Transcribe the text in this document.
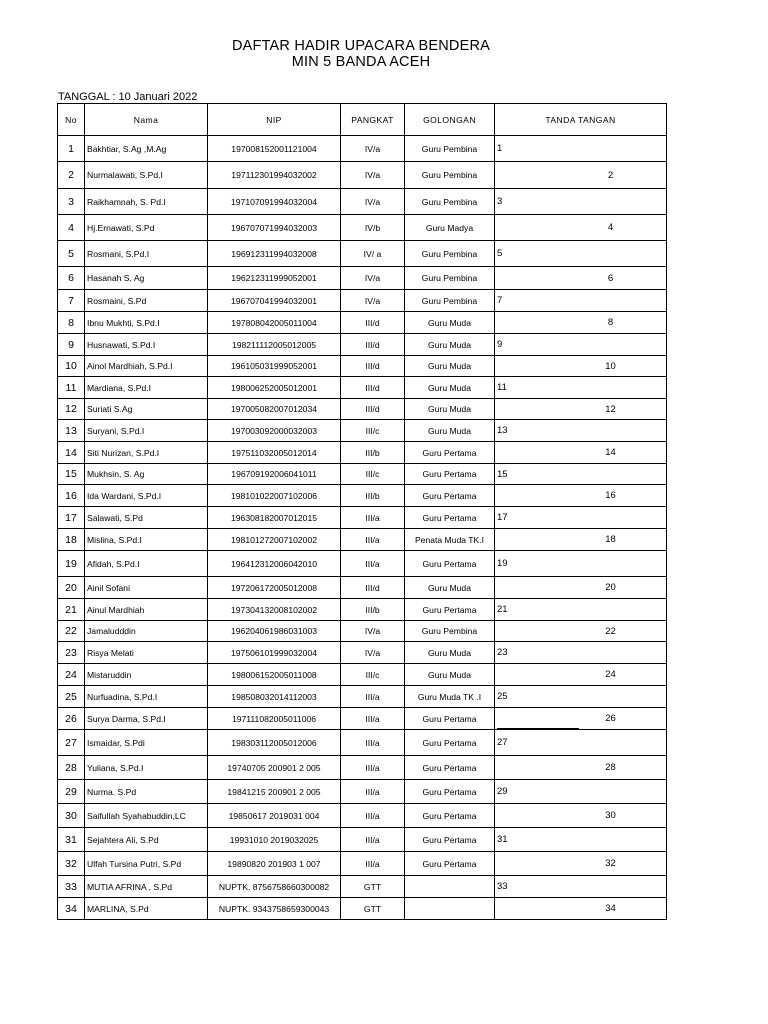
DAFTAR HADIR UPACARA BENDERA
MIN 5 BANDA ACEH
TANGGAL : 10 Januari 2022
No	Nama	NIP	PANGKAT	GOLONGAN	TANDA TANGAN
1	Bakhtiar, S.Ag ,M.Ag	197008152001121004	IV/a	Guru Pembina	1
2	Nurmalawati, S.Pd.I	197112301994032002	IV/a	Guru Pembina	2
3	Raikhamnah, S. Pd.I	197107091994032004	IV/a	Guru Pembina	3
4	Hj.Ernawati, S.Pd	196707071994032003	IV/b	Guru Madya	4
5	Rosmani, S.Pd.I	196912311994032008	IV/ a	Guru Pembina	5
6	Hasanah S, Ag	196212311999052001	IV/a	Guru Pembina	6
7	Rosmaini, S.Pd	196707041994032001	IV/a	Guru Pembina	7
8	Ibnu Mukhti, S.Pd.I	197808042005011004	III/d	Guru Muda	8
9	Husnawati, S.Pd.I	198211112005012005	III/d	Guru Muda	9
10	Ainol Mardhiah, S.Pd.I	196105031999052001	III/d	Guru Muda	10
11	Mardiana, S.Pd.I	198006252005012001	III/d	Guru Muda	11
12	Suriati S.Ag	197005082007012034	III/d	Guru Muda	12
13	Suryani, S.Pd.I	197003092000032003	III/c	Guru Muda	13
14	Siti Nurizan, S.Pd.I	197511032005012014	III/b	Guru Pertama	14
15	Mukhsin, S. Ag	196709192006041011	III/c	Guru Pertama	15
16	Ida Wardani, S.Pd.I	198101022007102006	III/b	Guru Pertama	16
17	Salawati, S.Pd	196308182007012015	III/a	Guru Pertama	17
18	Mislina, S.Pd.I	198101272007102002	III/a	Penata Muda TK.I	18
19	Afidah, S.Pd.I	196412312006042010	III/a	Guru Pertama	19
20	Ainil Sofani	197206172005012008	III/d	Guru Muda	20
21	Ainul Mardhiah	197304132008102002	III/b	Guru Pertama	21
22	Jamaludddin	196204061986031003	IV/a	Guru Pembina	22
23	Risya Melati	197506101999032004	IV/a	Guru Muda	23
24	Mistaruddin	198006152005011008	III/c	Guru Muda	24
25	Nurfuadina, S.Pd.I	198508032014112003	III/a	Guru Muda TK .I	25
26	Surya Darma, S.Pd.I	197111082005011006	III/a	Guru Pertama	26
27	Ismaidar, S.Pdi	198303112005012006	III/a	Guru Pertama	27
28	Yuliana, S.Pd.I	19740705 200901 2 005	III/a	Guru Pertama	28
29	Nurma. S.Pd	19841215 200901 2 005	III/a	Guru Pertama	29
30	Saifullah Syahabuddin,LC	19850617 2019031 004	III/a	Guru Pertama	30
31	Sejahtera Ali, S.Pd	19931010 2019032025	III/a	Guru Pertama	31
32	Ulfah Tursina Putri, S.Pd	19890820 201903 1 007	III/a	Guru Pertama	32
33	MUTIA AFRINA , S.Pd	NUPTK. 8756758660300082	GTT		33
34	MARLINA, S.Pd	NUPTK. 9343758659300043	GTT		34
